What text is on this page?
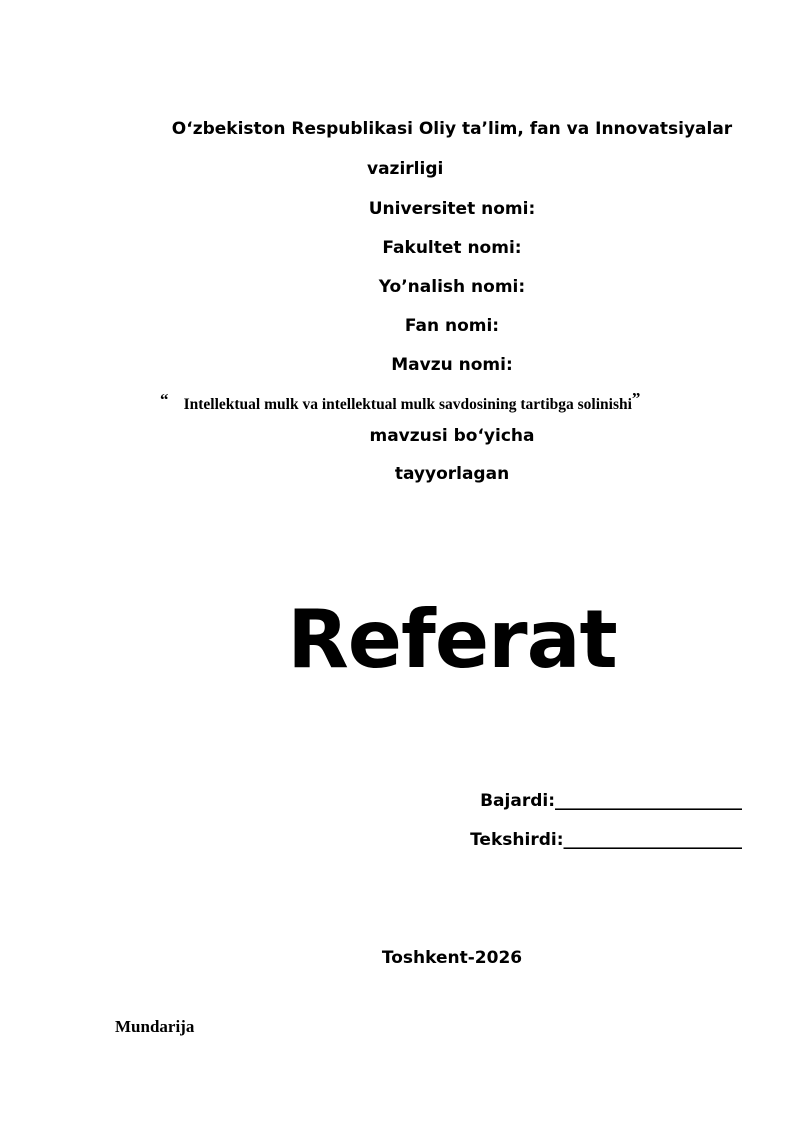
O‘zbekiston Respublikasi Oliy ta’lim, fan va Innovatsiyalar
vazirligi
Universitet nomi:
Fakultet nomi:
Yo’nalish nomi:
Fan nomi:
Mavzu nomi:
“ Intellektual mulk va intellektual mulk savdosining tartibga solinishi”
mavzusi bo‘yicha
tayyorlagan
Referat
Bajardi:______________________
Tekshirdi:_____________________
Toshkent-2026
Mundarija
